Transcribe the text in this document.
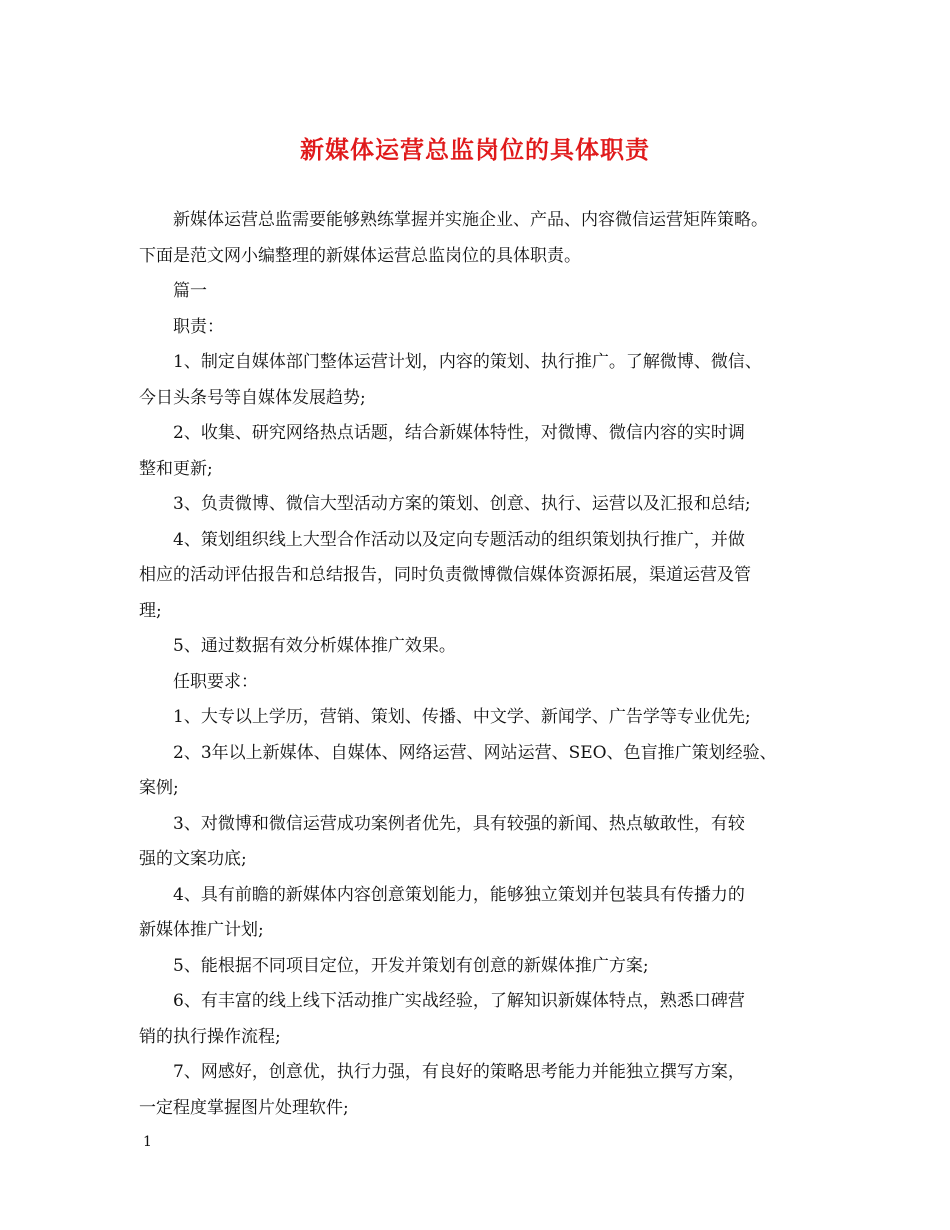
新媒体运营总监岗位的具体职责
新媒体运营总监需要能够熟练掌握并实施企业、产品、内容微信运营矩阵策略。
下面是范文网小编整理的新媒体运营总监岗位的具体职责。
篇一
职责：
1、制定自媒体部门整体运营计划，内容的策划、执行推广。了解微博、微信、
今日头条号等自媒体发展趋势;
2、收集、研究网络热点话题，结合新媒体特性，对微博、微信内容的实时调
整和更新;
3、负责微博、微信大型活动方案的策划、创意、执行、运营以及汇报和总结;
4、策划组织线上大型合作活动以及定向专题活动的组织策划执行推广，并做
相应的活动评估报告和总结报告，同时负责微博微信媒体资源拓展，渠道运营及管
理;
5、通过数据有效分析媒体推广效果。
任职要求：
1、大专以上学历，营销、策划、传播、中文学、新闻学、广告学等专业优先;
2、3年以上新媒体、自媒体、网络运营、网站运营、SEO、色盲推广策划经验、
案例;
3、对微博和微信运营成功案例者优先，具有较强的新闻、热点敏敢性，有较
强的文案功底;
4、具有前瞻的新媒体内容创意策划能力，能够独立策划并包装具有传播力的
新媒体推广计划;
5、能根据不同项目定位，开发并策划有创意的新媒体推广方案;
6、有丰富的线上线下活动推广实战经验，了解知识新媒体特点，熟悉口碑营
销的执行操作流程;
7、网感好，创意优，执行力强，有良好的策略思考能力并能独立撰写方案，
一定程度掌握图片处理软件;
1
